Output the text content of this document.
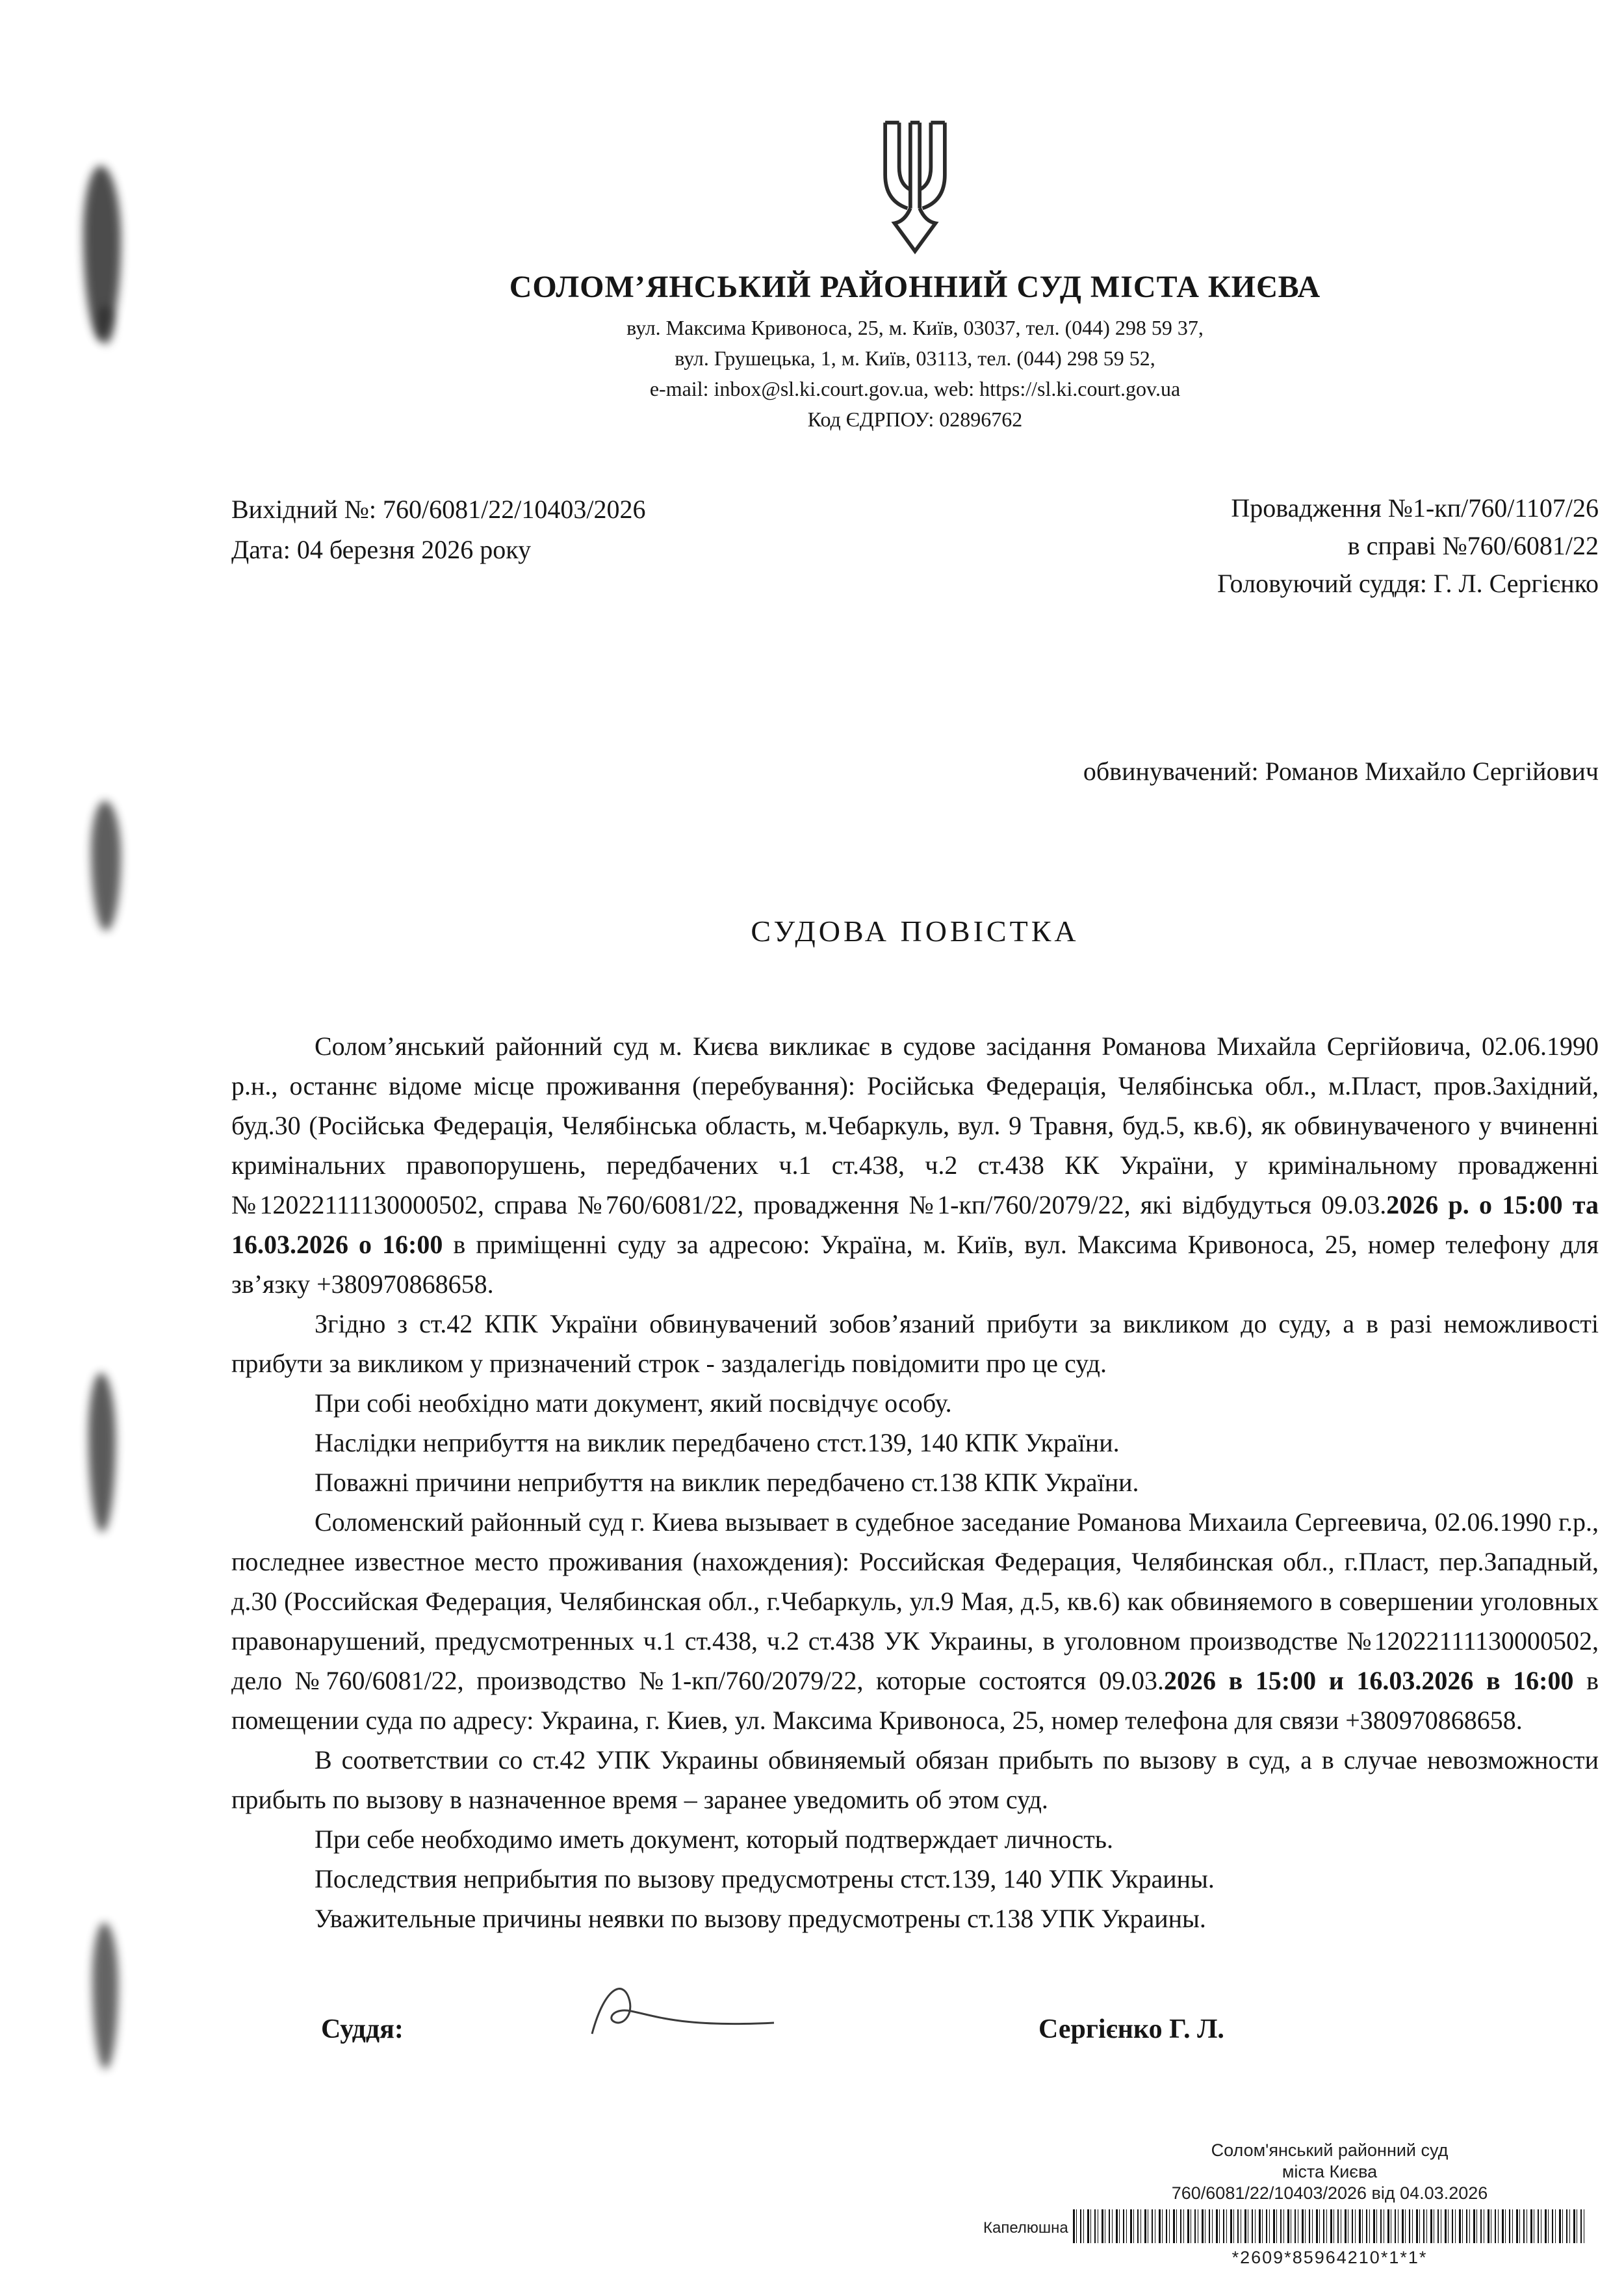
СОЛОМ’ЯНСЬКИЙ РАЙОННИЙ СУД МІСТА КИЄВА
вул. Максима Кривоноса, 25, м. Київ, 03037, тел. (044) 298 59 37,
вул. Грушецька, 1, м. Київ, 03113, тел. (044) 298 59 52,
e-mail: inbox@sl.ki.court.gov.ua, web: https://sl.ki.court.gov.ua
Код ЄДРПОУ: 02896762
Вихідний №: 760/6081/22/10403/2026
Дата: 04 березня 2026 року
Провадження №1-кп/760/1107/26
в справі №760/6081/22
Головуючий суддя: Г. Л. Сергієнко
обвинувачений: Романов Михайло Сергійович
СУДОВА ПОВІСТКА

Солом’янський районний суд м. Києва викликає в судове засідання Романова Михайла Сергійовича, 02.06.1990 р.н., останнє відоме місце проживання (перебування): Російська Федерація, Челябінська обл., м.Пласт, пров.Західний, буд.30 (Російська Федерація, Челябінська область, м.Чебаркуль, вул. 9 Травня, буд.5, кв.6), як обвинуваченого у вчиненні кримінальних правопорушень, передбачених ч.1 ст.438, ч.2 ст.438 КК України, у кримінальному провадженні №12022111130000502, справа №760/6081/22, провадження №1-кп/760/2079/22, які відбудуться 09.03.2026 р. о 15:00 та 16.03.2026 о 16:00 в приміщенні суду за адресою: Україна, м. Київ, вул. Максима Кривоноса, 25, номер телефону для зв’язку +380970868658.

Згідно з ст.42 КПК України обвинувачений зобов’язаний прибути за викликом до суду, а в разі неможливості прибути за викликом у призначений строк - заздалегідь повідомити про це суд.

При собі необхідно мати документ, який посвідчує особу.

Наслідки неприбуття на виклик передбачено стст.139, 140 КПК України.

Поважні причини неприбуття на виклик передбачено ст.138 КПК України.

Соломенский районный суд г. Киева вызывает в судебное заседание Романова Михаила Сергеевича, 02.06.1990 г.р., последнее известное место проживания (нахождения): Российская Федерация, Челябинская обл., г.Пласт, пер.Западный, д.30 (Российская Федерация, Челябинская обл., г.Чебаркуль, ул.9 Мая, д.5, кв.6) как обвиняемого в совершении уголовных правонарушений, предусмотренных ч.1 ст.438, ч.2 ст.438 УК Украины, в уголовном производстве №12022111130000502, дело №760/6081/22, производство №1-кп/760/2079/22, которые состоятся 09.03.2026 в 15:00 и 16.03.2026 в 16:00 в помещении суда по адресу: Украина, г. Киев, ул. Максима Кривоноса, 25, номер телефона для связи +380970868658.

В соответствии со ст.42 УПК Украины обвиняемый обязан прибыть по вызову в суд, а в случае невозможности прибыть по вызову в назначенное время – заранее уведомить об этом суд.

При себе необходимо иметь документ, который подтверждает личность.

Последствия неприбытия по вызову предусмотрены стст.139, 140 УПК Украины.

Уважительные причины неявки по вызову предусмотрены ст.138 УПК Украины.

Суддя:	Сергієнко Г. Л.
Солом'янський районний суд
міста Києва
760/6081/22/10403/2026 від 04.03.2026
Капелюшна
*2609*85964210*1*1*
